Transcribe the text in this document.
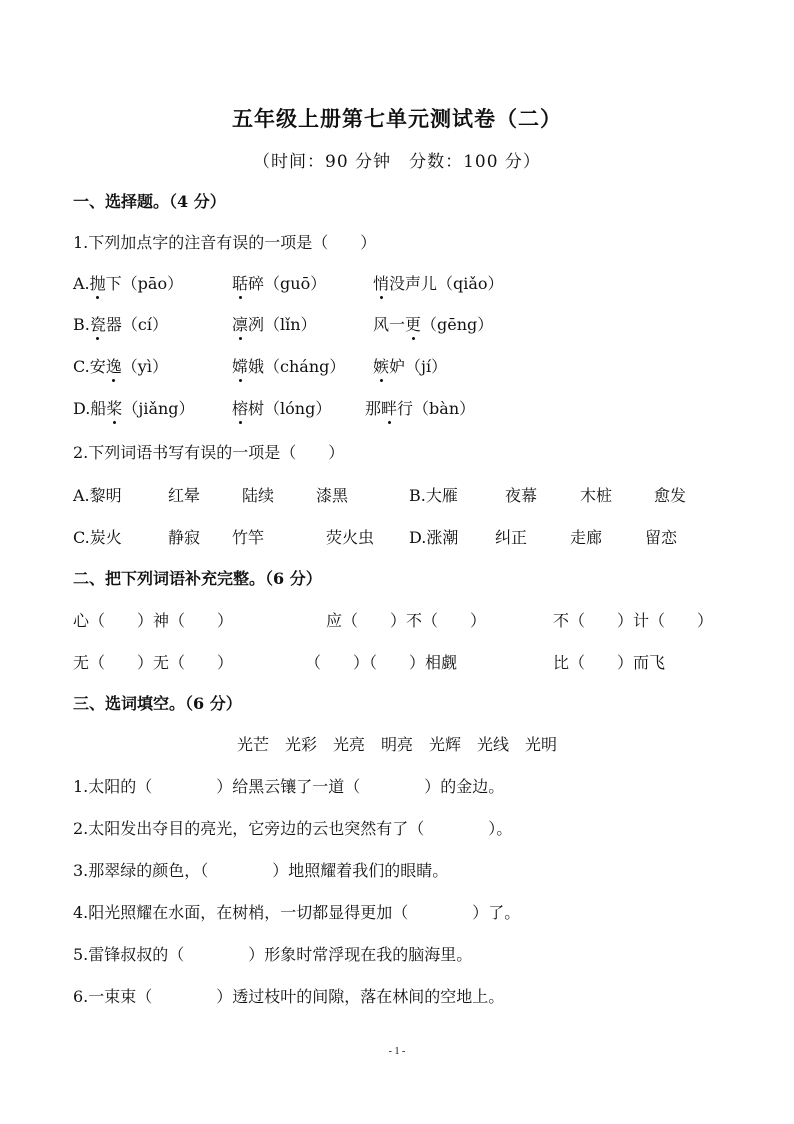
五年级上册第七单元测试卷（二）
（时间：90 分钟　分数：100 分）
一、选择题。（4 分）
1.下列加点字的注音有误的一项是（　　）
A.抛下（pāo）	聒碎（guō）	悄没声儿（qiǎo）
B.瓷器（cí）	凛冽（lǐn）	风一更（gēng）
C.安逸（yì）	嫦娥（cháng） 嫉妒（jí）
D.船桨（jiǎng） 榕树（lóng） 那畔行（bàn）
2.下列词语书写有误的一项是（　　）
A.黎明	红晕	陆续	漆黑	B.大雁	夜幕	木桩	愈发
C.炭火	静寂 竹竿	荧火虫 D.涨潮 纠正	走廊	留恋
二、把下列词语补充完整。（6 分）
心（　　）神（　　）	应（　　）不（　　）	不（　　）计（　　）
无（　　）无（　　）	（　　）（　　）相觑	比（　　）而飞
三、选词填空。（6 分）
光芒　光彩　光亮　明亮　光辉　光线　光明
1.太阳的（　　　　）给黑云镶了一道（　　　　）的金边。
2.太阳发出夺目的亮光，它旁边的云也突然有了（　　　　）。
3.那翠绿的颜色，（　　　　）地照耀着我们的眼睛。
4.阳光照耀在水面，在树梢，一切都显得更加（　　　　）了。
5.雷锋叔叔的（　　　　）形象时常浮现在我的脑海里。
6.一束束（　　　　）透过枝叶的间隙，落在林间的空地上。
- 1 -
